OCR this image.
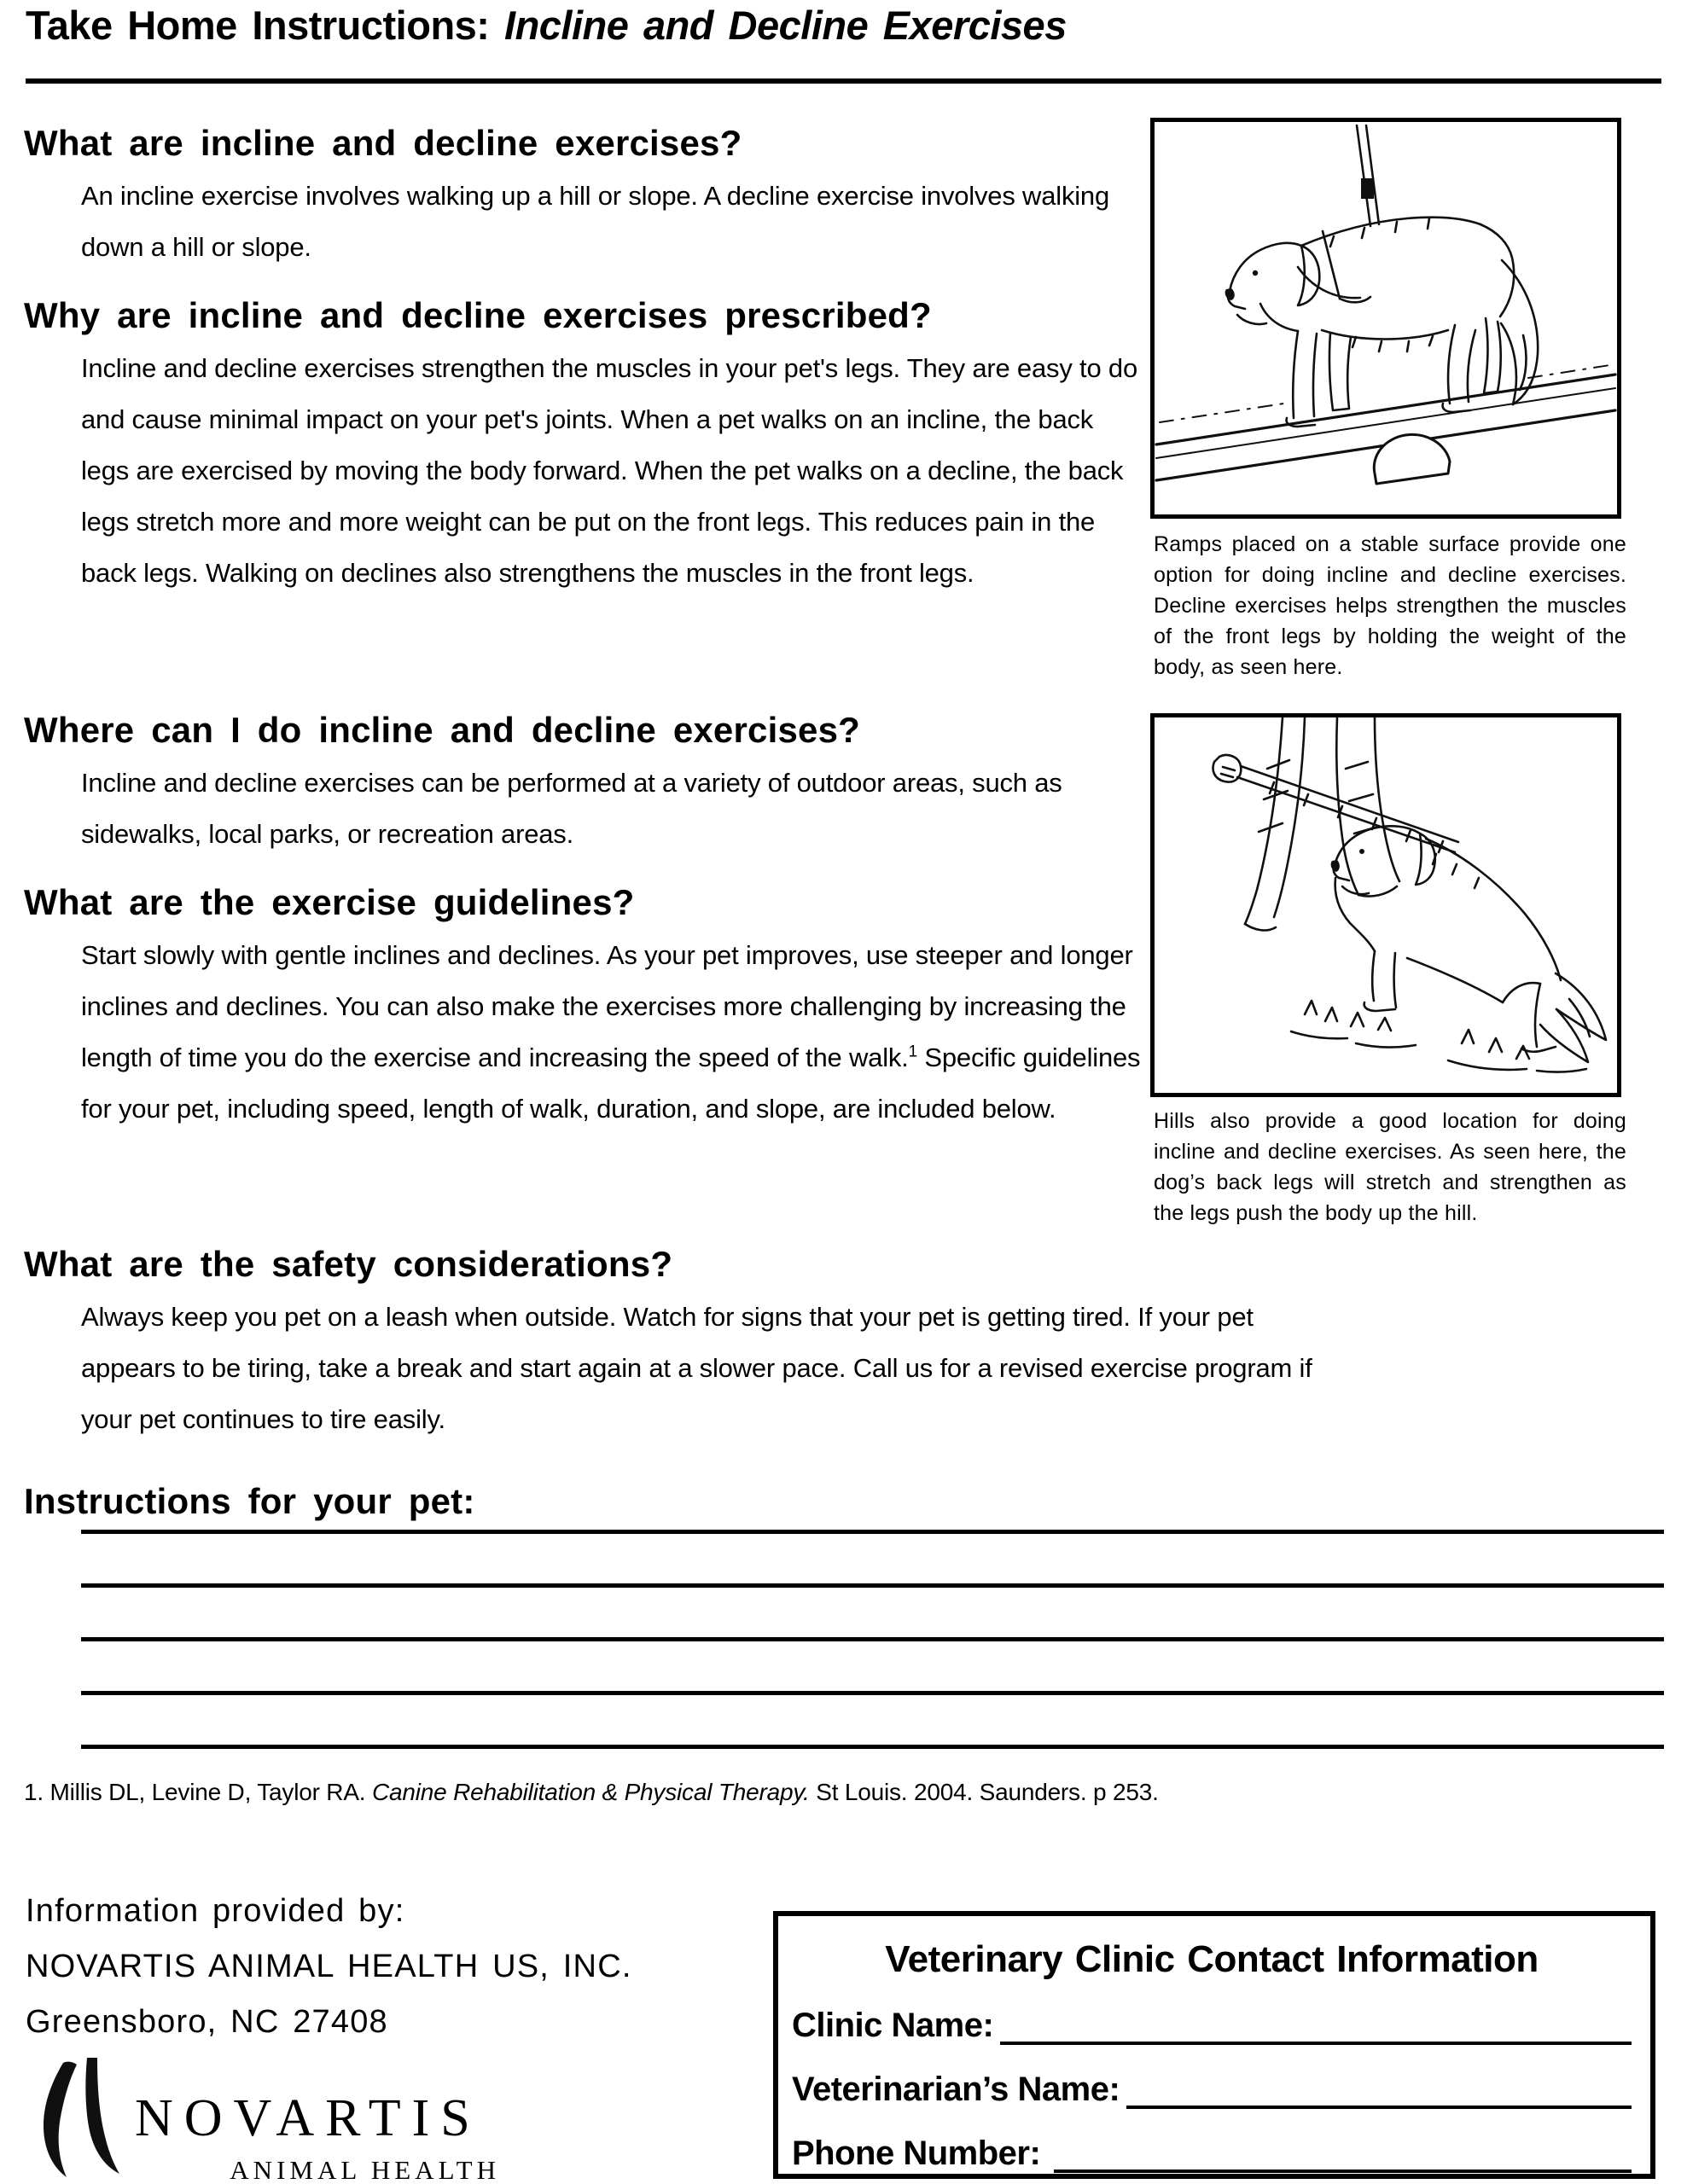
Take Home Instructions: Incline and Decline Exercises
What are incline and decline exercises?
An incline exercise involves walking up a hill or slope. A decline exercise involves walking down a hill or slope.
Why are incline and decline exercises prescribed?
Incline and decline exercises strengthen the muscles in your pet's legs. They are easy to do and cause minimal impact on your pet's joints. When a pet walks on an incline, the back legs are exercised by moving the body forward. When the pet walks on a decline, the back legs stretch more and more weight can be put on the front legs. This reduces pain in the back legs. Walking on declines also strengthens the muscles in the front legs.
Ramps placed on a stable surface provide one option for doing incline and decline exercises. Decline exercises helps strengthen the muscles of the front legs by holding the weight of the body, as seen here.
Where can I do incline and decline exercises?
Incline and decline exercises can be performed at a variety of outdoor areas, such as sidewalks, local parks, or recreation areas.
What are the exercise guidelines?
Start slowly with gentle inclines and declines. As your pet improves, use steeper and longer inclines and declines. You can also make the exercises more challenging by increasing the length of time you do the exercise and increasing the speed of the walk.$^1$ Specific guidelines for your pet, including speed, length of walk, duration, and slope, are included below.	Hills also provide a good location for doing incline and decline exercises. As seen here, the dog’s back legs will stretch and strengthen as the legs push the body up the hill.
What are the safety considerations?
Always keep you pet on a leash when outside. Watch for signs that your pet is getting tired. If your pet appears to be tiring, take a break and start again at a slower pace. Call us for a revised exercise program if your pet continues to tire easily.
Instructions for your pet:
1. Millis DL, Levine D, Taylor RA. Canine Rehabilitation & Physical Therapy. St Louis. 2004. Saunders. p 253.
Information provided by:
NOVARTIS ANIMAL HEALTH US, INC.
Greensboro, NC 27408
NOVARTIS
ANIMAL HEALTH
Veterinary Clinic Contact Information
Clinic Name:
Veterinarian’s Name:
Phone Number:
